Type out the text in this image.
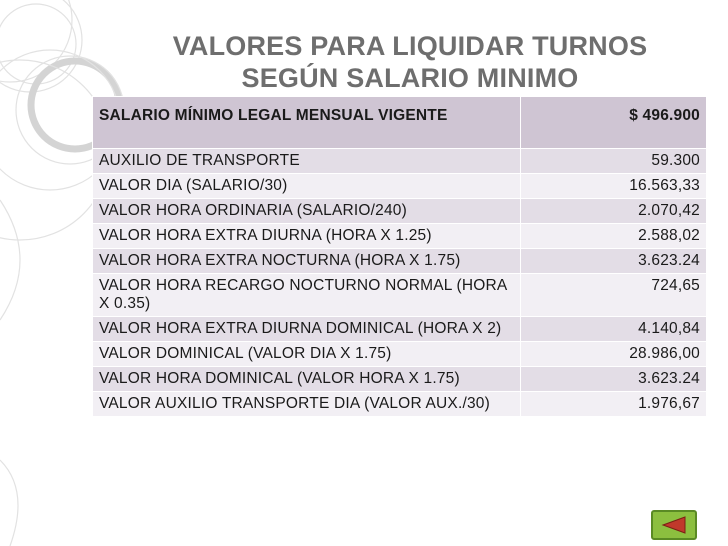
VALORES PARA LIQUIDAR TURNOS
SEGÚN SALARIO MINIMO
SALARIO MÍNIMO LEGAL MENSUAL VIGENTE	$ 496.900
AUXILIO DE TRANSPORTE	59.300
VALOR DIA (SALARIO/30)	16.563,33
VALOR HORA ORDINARIA (SALARIO/240)	2.070,42
VALOR HORA EXTRA DIURNA (HORA X 1.25)	2.588,02
VALOR HORA EXTRA NOCTURNA (HORA X 1.75)	3.623.24
VALOR HORA RECARGO NOCTURNO NORMAL (HORA X 0.35)	724,65
VALOR HORA EXTRA DIURNA DOMINICAL (HORA X 2)	4.140,84
VALOR DOMINICAL (VALOR DIA X 1.75)	28.986,00
VALOR HORA DOMINICAL (VALOR HORA X 1.75)	3.623.24
VALOR AUXILIO TRANSPORTE DIA (VALOR AUX./30)	1.976,67
